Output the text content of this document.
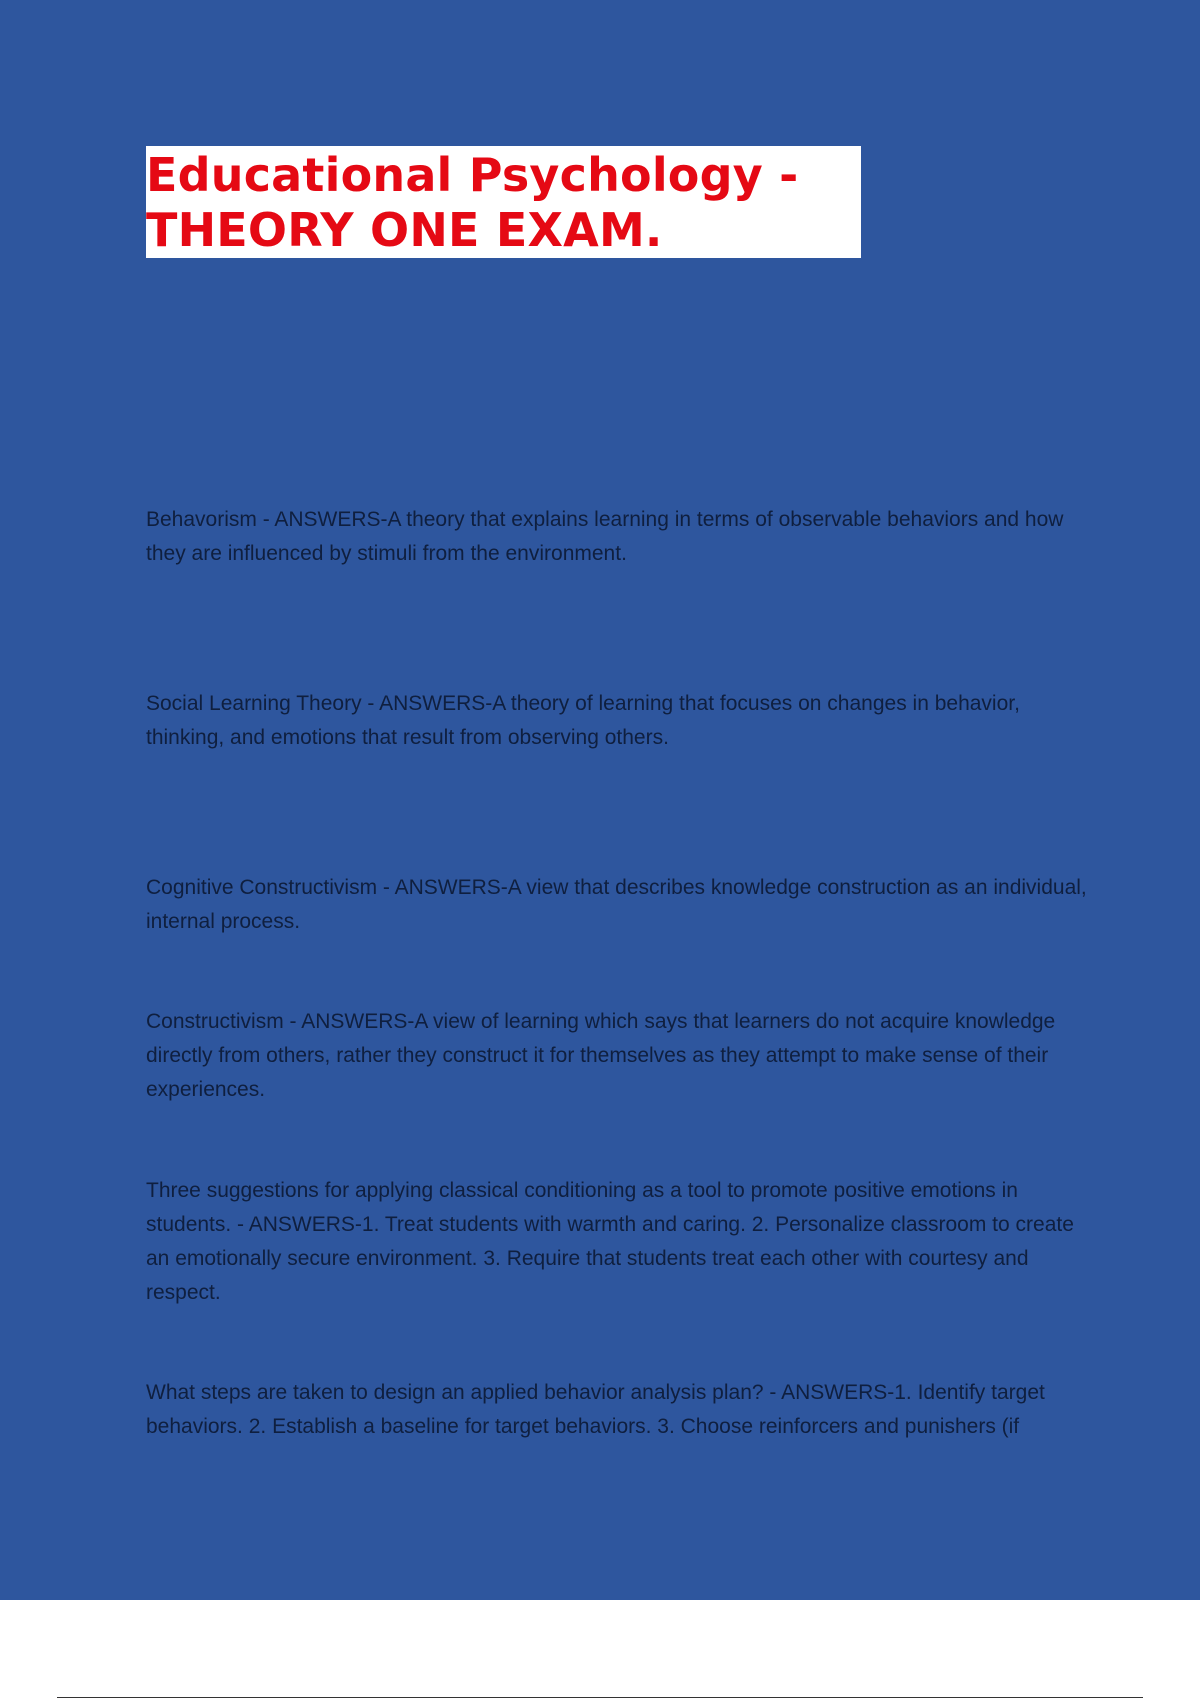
Educational Psychology -
THEORY ONE EXAM.

Behavorism - ANSWERS-A theory that explains learning in terms of observable behaviors and how they are influenced by stimuli from the environment.

Social Learning Theory - ANSWERS-A theory of learning that focuses on changes in behavior, thinking, and emotions that result from observing others.

Cognitive Constructivism - ANSWERS-A view that describes knowledge construction as an individual, internal process.

Constructivism - ANSWERS-A view of learning which says that learners do not acquire knowledge directly from others, rather they construct it for themselves as they attempt to make sense of their experiences.

Three suggestions for applying classical conditioning as a tool to promote positive emotions in students. - ANSWERS-1. Treat students with warmth and caring. 2. Personalize classroom to create an emotionally secure environment. 3. Require that students treat each other with courtesy and respect.

What steps are taken to design an applied behavior analysis plan? - ANSWERS-1. Identify target behaviors. 2. Establish a baseline for target behaviors. 3. Choose reinforcers and punishers (if
